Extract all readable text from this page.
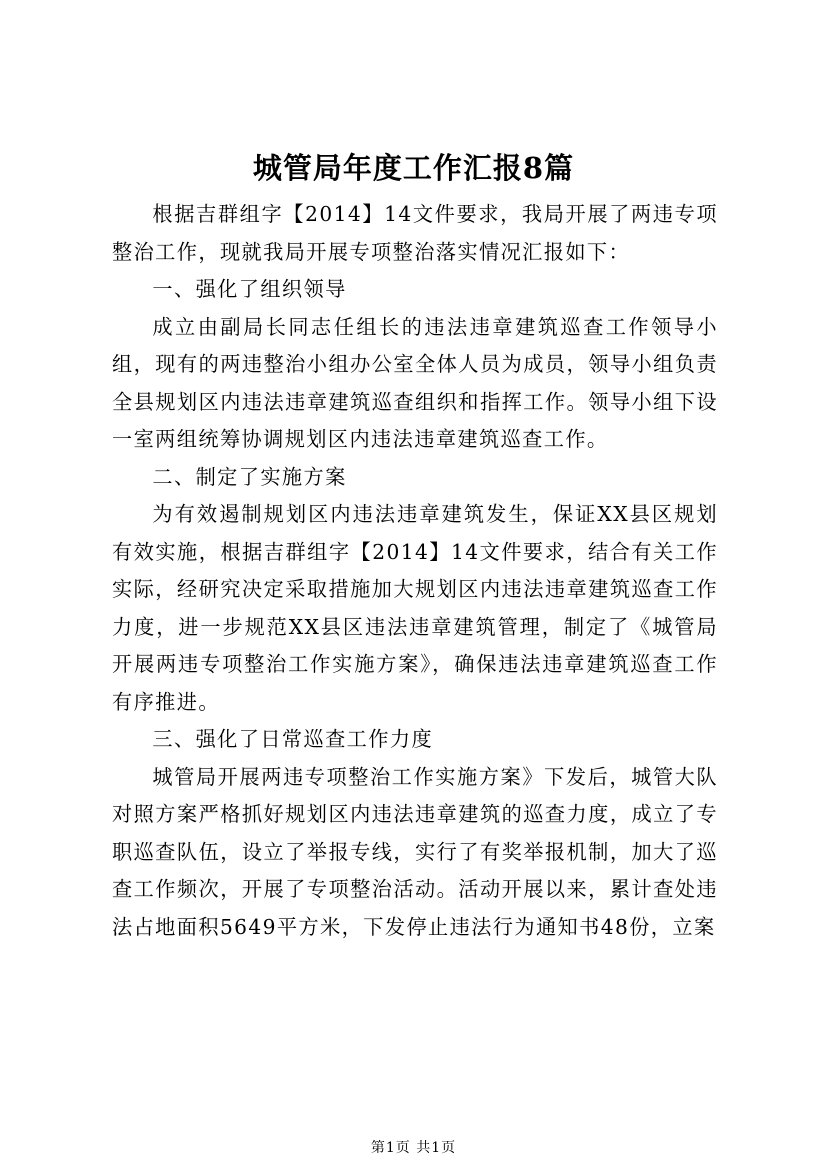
城管局年度工作汇报8篇

根据吉群组字【2014】14文件要求，我局开展了两违专项整治工作，现就我局开展专项整治落实情况汇报如下：

一、强化了组织领导

成立由副局长同志任组长的违法违章建筑巡查工作领导小组，现有的两违整治小组办公室全体人员为成员，领导小组负责全县规划区内违法违章建筑巡查组织和指挥工作。领导小组下设一室两组统筹协调规划区内违法违章建筑巡查工作。

二、制定了实施方案

为有效遏制规划区内违法违章建筑发生，保证XX县区规划有效实施，根据吉群组字【2014】14文件要求，结合有关工作实际，经研究决定采取措施加大规划区内违法违章建筑巡查工作力度，进一步规范XX县区违法违章建筑管理，制定了《城管局开展两违专项整治工作实施方案》，确保违法违章建筑巡查工作有序推进。

三、强化了日常巡查工作力度

城管局开展两违专项整治工作实施方案》下发后，城管大队对照方案严格抓好规划区内违法违章建筑的巡查力度，成立了专职巡查队伍，设立了举报专线，实行了有奖举报机制，加大了巡查工作频次，开展了专项整治活动。活动开展以来，累计查处违法占地面积5649平方米，下发停止违法行为通知书48份，立案

第1页 共1页
